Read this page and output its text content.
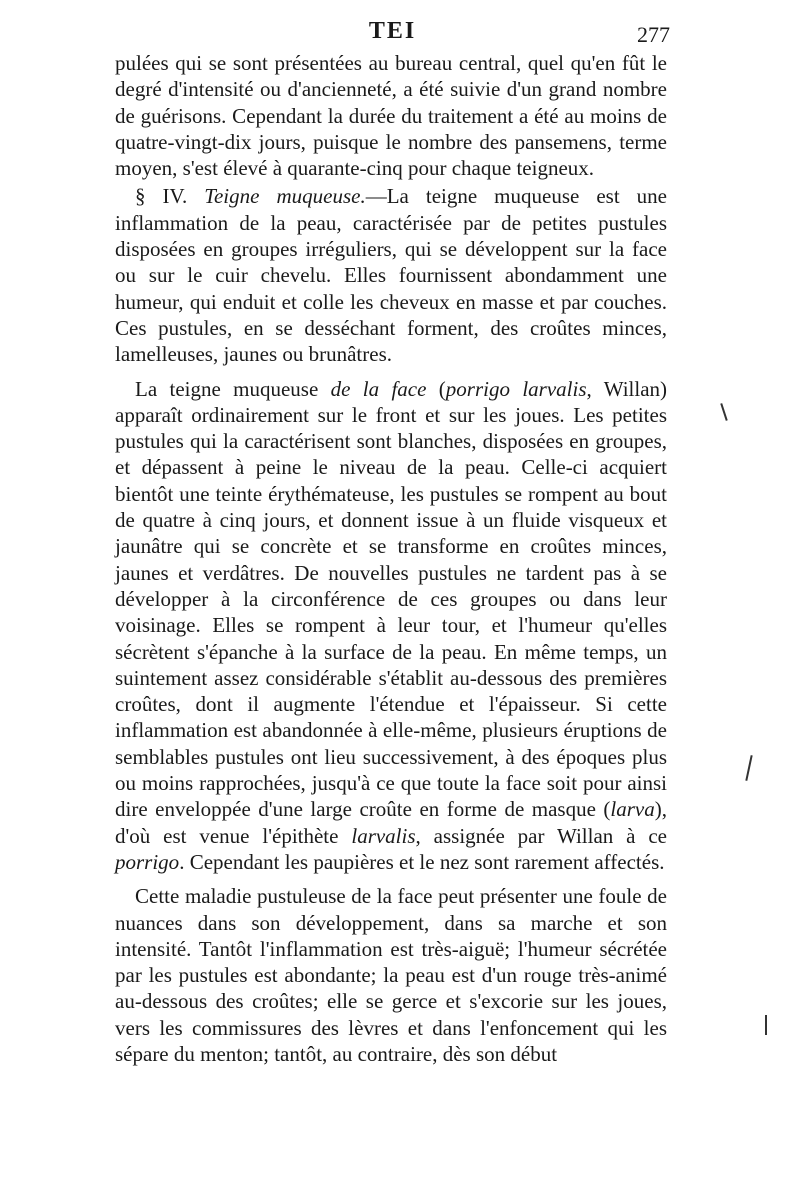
TEI	277

pulées qui se sont présentées au bureau central, quel qu'en fût le degré d'intensité ou d'ancienneté, a été suivie d'un grand nombre de guérisons. Cependant la durée du traitement a été au moins de quatre-vingt-dix jours, puisque le nombre des pansemens, terme moyen, s'est élevé à quarante-cinq pour chaque teigneux.

§ IV. Teigne muqueuse.—La teigne muqueuse est une inflammation de la peau, caractérisée par de petites pustules disposées en groupes irréguliers, qui se développent sur la face ou sur le cuir chevelu. Elles fournissent abondamment une humeur, qui enduit et colle les cheveux en masse et par couches. Ces pustules, en se desséchant forment, des croûtes minces, lamelleuses, jaunes ou brunâtres.

La teigne muqueuse de la face (porrigo larvalis, Willan) apparaît ordinairement sur le front et sur les joues. Les petites pustules qui la caractérisent sont blanches, disposées en groupes, et dépassent à peine le niveau de la peau. Celle-ci acquiert bientôt une teinte érythémateuse, les pustules se rompent au bout de quatre à cinq jours, et donnent issue à un fluide visqueux et jaunâtre qui se concrète et se transforme en croûtes minces, jaunes et verdâtres. De nouvelles pustules ne tardent pas à se développer à la circonférence de ces groupes ou dans leur voisinage. Elles se rompent à leur tour, et l'humeur qu'elles sécrètent s'épanche à la surface de la peau. En même temps, un suintement assez considérable s'établit au-dessous des premières croûtes, dont il augmente l'étendue et l'épaisseur. Si cette inflammation est abandonnée à elle-même, plusieurs éruptions de semblables pustules ont lieu successivement, à des époques plus ou moins rapprochées, jusqu'à ce que toute la face soit pour ainsi dire enveloppée d'une large croûte en forme de masque (larva), d'où est venue l'épithète larvalis, assignée par Willan à ce porrigo. Cependant les paupières et le nez sont rarement affectés.

Cette maladie pustuleuse de la face peut présenter une foule de nuances dans son développement, dans sa marche et son intensité. Tantôt l'inflammation est très-aiguë; l'humeur sécrétée par les pustules est abondante; la peau est d'un rouge très-animé au-dessous des croûtes; elle se gerce et s'excorie sur les joues, vers les commissures des lèvres et dans l'enfoncement qui les sépare du menton; tantôt, au contraire, dès son début
